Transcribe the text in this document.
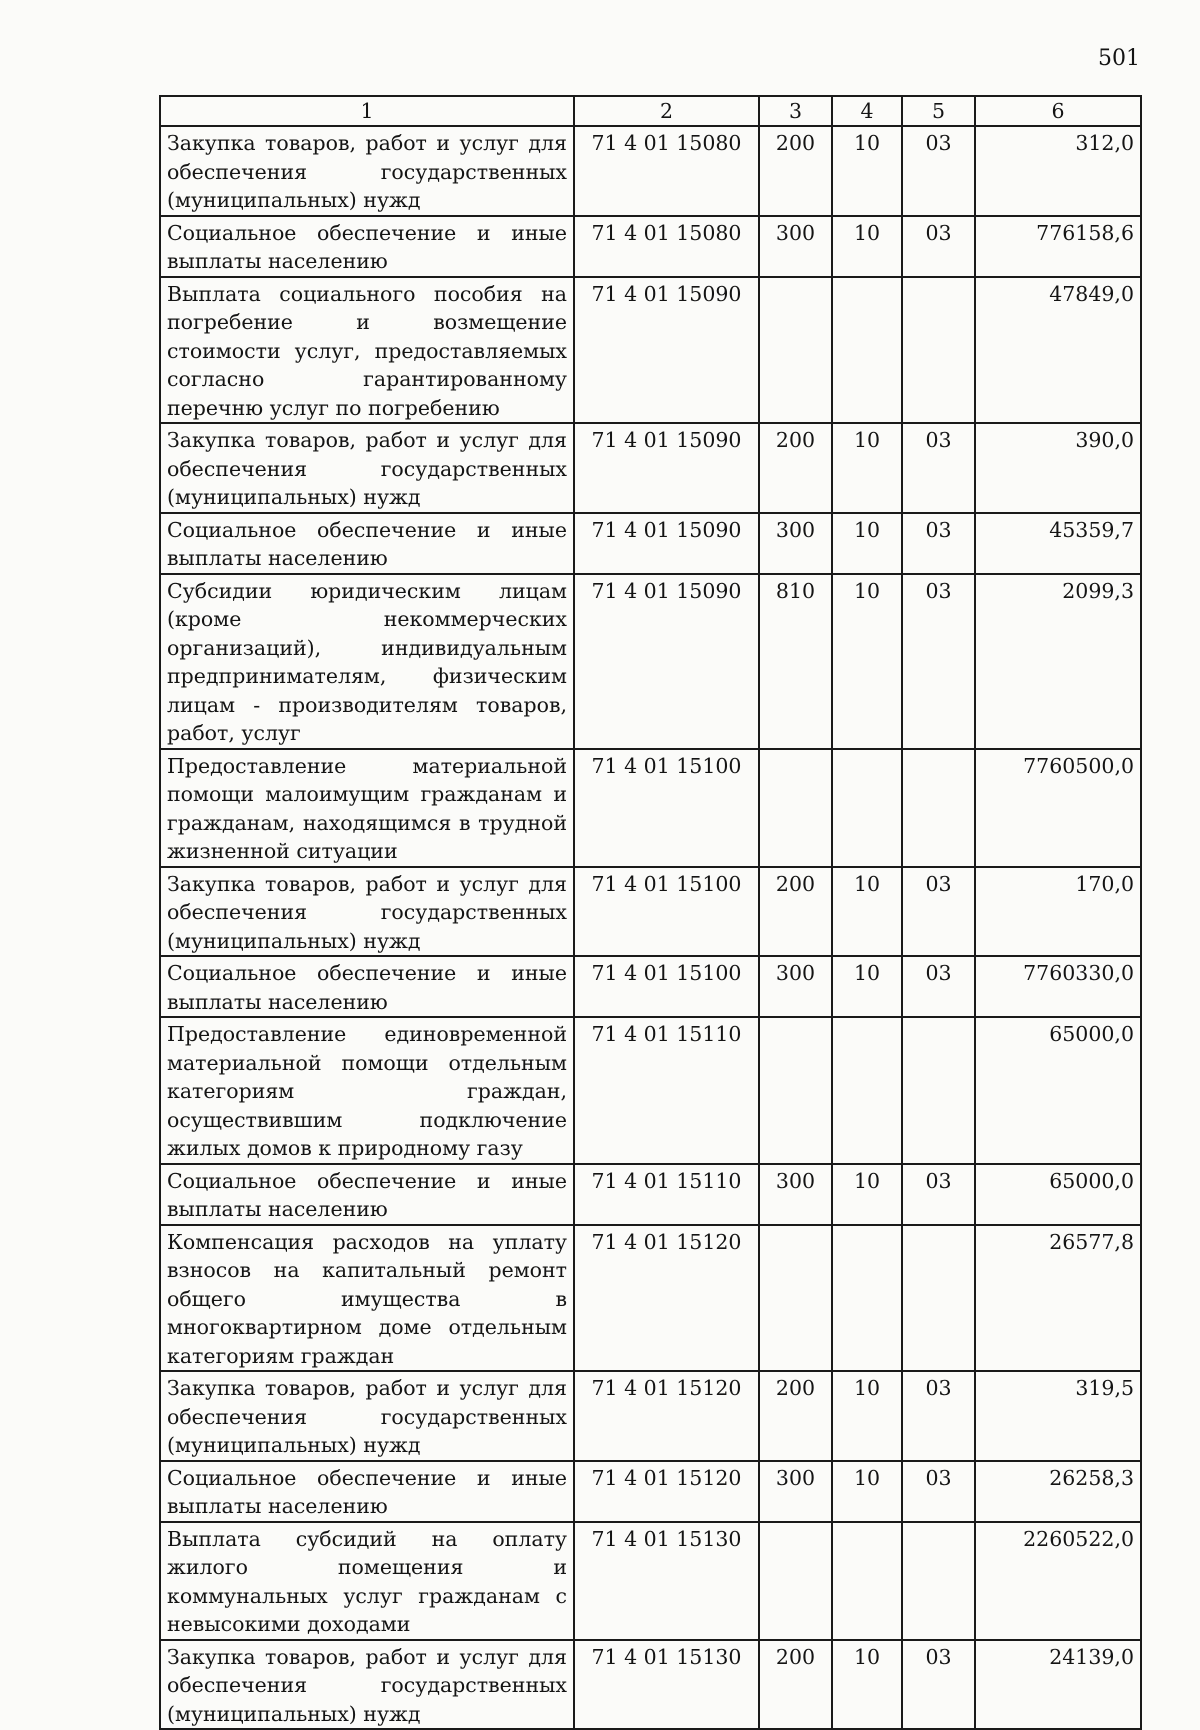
501
1	2	3	4	5	6
Закупка товаров, работ и услуг для обеспечения государственных (муниципальных) нужд	71 4 01 15080	200	10	03	312,0
Социальное обеспечение и иные выплаты населению	71 4 01 15080	300	10	03	776158,6
Выплата социального пособия на погребение и возмещение стоимости услуг, предоставляемых согласно гарантированному перечню услуг по погребению	71 4 01 15090				47849,0
Закупка товаров, работ и услуг для обеспечения государственных (муниципальных) нужд	71 4 01 15090	200	10	03	390,0
Социальное обеспечение и иные выплаты населению	71 4 01 15090	300	10	03	45359,7
Субсидии юридическим лицам (кроме некоммерческих организаций), индивидуальным предпринимателям, физическим лицам - производителям товаров, работ, услуг	71 4 01 15090	810	10	03	2099,3
Предоставление материальной помощи малоимущим гражданам и гражданам, находящимся в трудной жизненной ситуации	71 4 01 15100				7760500,0
Закупка товаров, работ и услуг для обеспечения государственных (муниципальных) нужд	71 4 01 15100	200	10	03	170,0
Социальное обеспечение и иные выплаты населению	71 4 01 15100	300	10	03	7760330,0
Предоставление единовременной материальной помощи отдельным категориям граждан, осуществившим подключение жилых домов к природному газу	71 4 01 15110				65000,0
Социальное обеспечение и иные выплаты населению	71 4 01 15110	300	10	03	65000,0
Компенсация расходов на уплату взносов на капитальный ремонт общего имущества в многоквартирном доме отдельным категориям граждан	71 4 01 15120				26577,8
Закупка товаров, работ и услуг для обеспечения государственных (муниципальных) нужд	71 4 01 15120	200	10	03	319,5
Социальное обеспечение и иные выплаты населению	71 4 01 15120	300	10	03	26258,3
Выплата субсидий на оплату жилого помещения и коммунальных услуг гражданам с невысокими доходами	71 4 01 15130				2260522,0
Закупка товаров, работ и услуг для обеспечения государственных (муниципальных) нужд	71 4 01 15130	200	10	03	24139,0
